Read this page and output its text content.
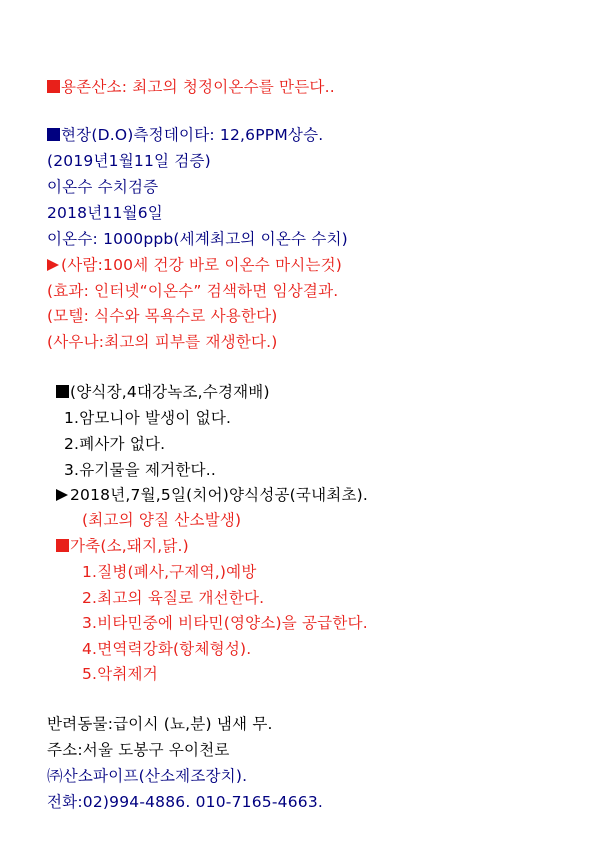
용존산소: 최고의 청정이온수를 만든다..
현장(D.O)측정데이타: 12,6PPM상승.
(2019년1월11일 검증)
이온수 수치검증
2018년11월6일
이온수: 1000ppb(세계최고의 이온수 수치)
(사람:100세 건강 바로 이온수 마시는것)
(효과: 인터넷“이온수” 검색하면 임상결과.
(모텔: 식수와 목욕수로 사용한다)
(사우나:최고의 피부를 재생한다.)
(양식장,4대강녹조,수경재배)
1.암모니아 발생이 없다.
2.폐사가 없다.
3.유기물을 제거한다..
2018년,7월,5일(치어)양식성공(국내최초).
(최고의 양질 산소발생)
가축(소,돼지,닭.)
1.질병(폐사,구제역,)예방
2.최고의 육질로 개선한다.
3.비타민중에 비타민(영양소)을 공급한다.
4.면역력강화(항체형성).
5.악취제거
반려동물:급이시 (뇨,분) 냄새 무.
주소:서울 도봉구 우이천로
㈜산소파이프(산소제조장치).
전화:02)994-4886. 010-7165-4663.
